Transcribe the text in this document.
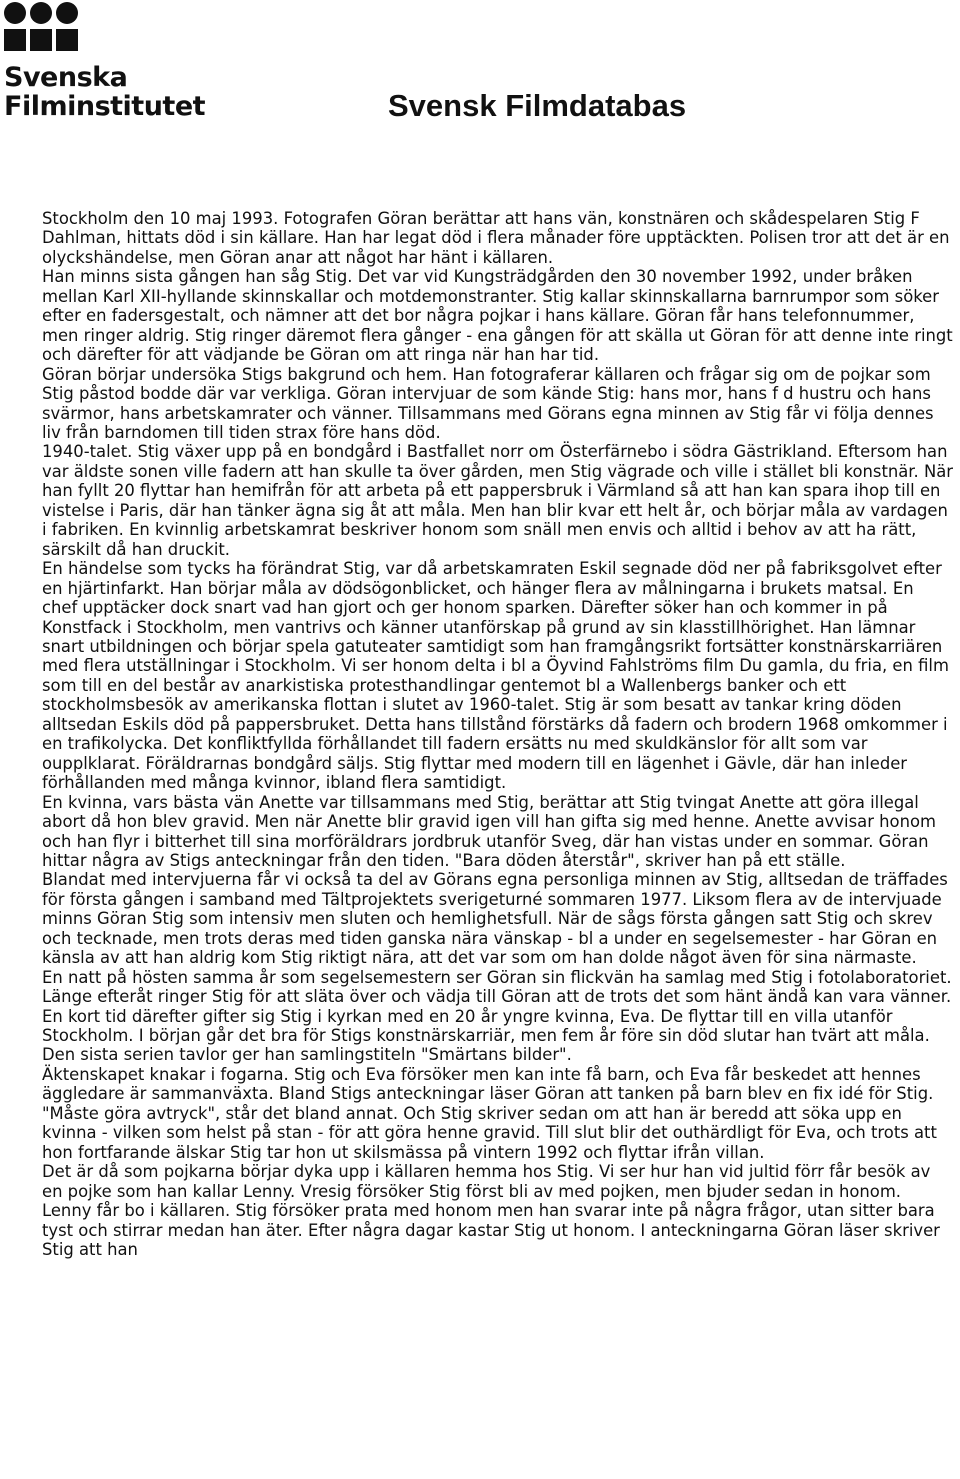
Svenska
Filminstitutet	Svensk Filmdatabas

Stockholm den 10 maj 1993. Fotografen Göran berättar att hans vän, konstnären och skådespelaren Stig F Dahlman, hittats död i sin källare. Han har legat död i flera månader före upptäckten. Polisen tror att det är en olyckshändelse, men Göran anar att något har hänt i källaren.

Han minns sista gången han såg Stig. Det var vid Kungsträdgården den 30 november 1992, under bråken mellan Karl XII-hyllande skinnskallar och motdemonstranter. Stig kallar skinnskallarna barnrumpor som söker efter en fadersgestalt, och nämner att det bor några pojkar i hans källare. Göran får hans telefonnummer, men ringer aldrig. Stig ringer däremot flera gånger - ena gången för att skälla ut Göran för att denne inte ringt och därefter för att vädjande be Göran om att ringa när han har tid.

Göran börjar undersöka Stigs bakgrund och hem. Han fotograferar källaren och frågar sig om de pojkar som Stig påstod bodde där var verkliga. Göran intervjuar de som kände Stig: hans mor, hans f d hustru och hans svärmor, hans arbetskamrater och vänner. Tillsammans med Görans egna minnen av Stig får vi följa dennes liv från barndomen till tiden strax före hans död.

1940-talet. Stig växer upp på en bondgård i Bastfallet norr om Österfärnebo i södra Gästrikland. Eftersom han var äldste sonen ville fadern att han skulle ta över gården, men Stig vägrade och ville i stället bli konstnär. När han fyllt 20 flyttar han hemifrån för att arbeta på ett pappersbruk i Värmland så att han kan spara ihop till en vistelse i Paris, där han tänker ägna sig åt att måla. Men han blir kvar ett helt år, och börjar måla av vardagen i fabriken. En kvinnlig arbetskamrat beskriver honom som snäll men envis och alltid i behov av att ha rätt, särskilt då han druckit.

En händelse som tycks ha förändrat Stig, var då arbetskamraten Eskil segnade död ner på fabriksgolvet efter en hjärtinfarkt. Han börjar måla av dödsögonblicket, och hänger flera av målningarna i brukets matsal. En chef upptäcker dock snart vad han gjort och ger honom sparken. Därefter söker han och kommer in på Konstfack i Stockholm, men vantrivs och känner utanförskap på grund av sin klasstillhörighet. Han lämnar snart utbildningen och börjar spela gatuteater samtidigt som han framgångsrikt fortsätter konstnärskarriären med flera utställningar i Stockholm. Vi ser honom delta i bl a Öyvind Fahlströms film Du gamla, du fria, en film som till en del består av anarkistiska protesthandlingar gentemot bl a Wallenbergs banker och ett stockholmsbesök av amerikanska flottan i slutet av 1960-talet. Stig är som besatt av tankar kring döden alltsedan Eskils död på pappersbruket. Detta hans tillstånd förstärks då fadern och brodern 1968 omkommer i en trafikolycka. Det konfliktfyllda förhållandet till fadern ersätts nu med skuldkänslor för allt som var oupplklarat. Föräldrarnas bondgård säljs. Stig flyttar med modern till en lägenhet i Gävle, där han inleder förhållanden med många kvinnor, ibland flera samtidigt.

En kvinna, vars bästa vän Anette var tillsammans med Stig, berättar att Stig tvingat Anette att göra illegal abort då hon blev gravid. Men när Anette blir gravid igen vill han gifta sig med henne. Anette avvisar honom och han flyr i bitterhet till sina morföräldrars jordbruk utanför Sveg, där han vistas under en sommar. Göran hittar några av Stigs anteckningar från den tiden. "Bara döden återstår", skriver han på ett ställe.

Blandat med intervjuerna får vi också ta del av Görans egna personliga minnen av Stig, alltsedan de träffades för första gången i samband med Tältprojektets sverigeturné sommaren 1977. Liksom flera av de intervjuade minns Göran Stig som intensiv men sluten och hemlighetsfull. När de sågs första gången satt Stig och skrev och tecknade, men trots deras med tiden ganska nära vänskap - bl a under en segelsemester - har Göran en känsla av att han aldrig kom Stig riktigt nära, att det var som om han dolde något även för sina närmaste.

En natt på hösten samma år som segelsemestern ser Göran sin flickvän ha samlag med Stig i fotolaboratoriet. Länge efteråt ringer Stig för att släta över och vädja till Göran att de trots det som hänt ändå kan vara vänner. En kort tid därefter gifter sig Stig i kyrkan med en 20 år yngre kvinna, Eva. De flyttar till en villa utanför Stockholm. I början går det bra för Stigs konstnärskarriär, men fem år före sin död slutar han tvärt att måla. Den sista serien tavlor ger han samlingstiteln "Smärtans bilder".

Äktenskapet knakar i fogarna. Stig och Eva försöker men kan inte få barn, och Eva får beskedet att hennes äggledare är sammanväxta. Bland Stigs anteckningar läser Göran att tanken på barn blev en fix idé för Stig. "Måste göra avtryck", står det bland annat. Och Stig skriver sedan om att han är beredd att söka upp en kvinna - vilken som helst på stan - för att göra henne gravid. Till slut blir det outhärdligt för Eva, och trots att hon fortfarande älskar Stig tar hon ut skilsmässa på vintern 1992 och flyttar ifrån villan.

Det är då som pojkarna börjar dyka upp i källaren hemma hos Stig. Vi ser hur han vid jultid förr får besök av en pojke som han kallar Lenny. Vresig försöker Stig först bli av med pojken, men bjuder sedan in honom. Lenny får bo i källaren. Stig försöker prata med honom men han svarar inte på några frågor, utan sitter bara tyst och stirrar medan han äter. Efter några dagar kastar Stig ut honom. I anteckningarna Göran läser skriver Stig att han
